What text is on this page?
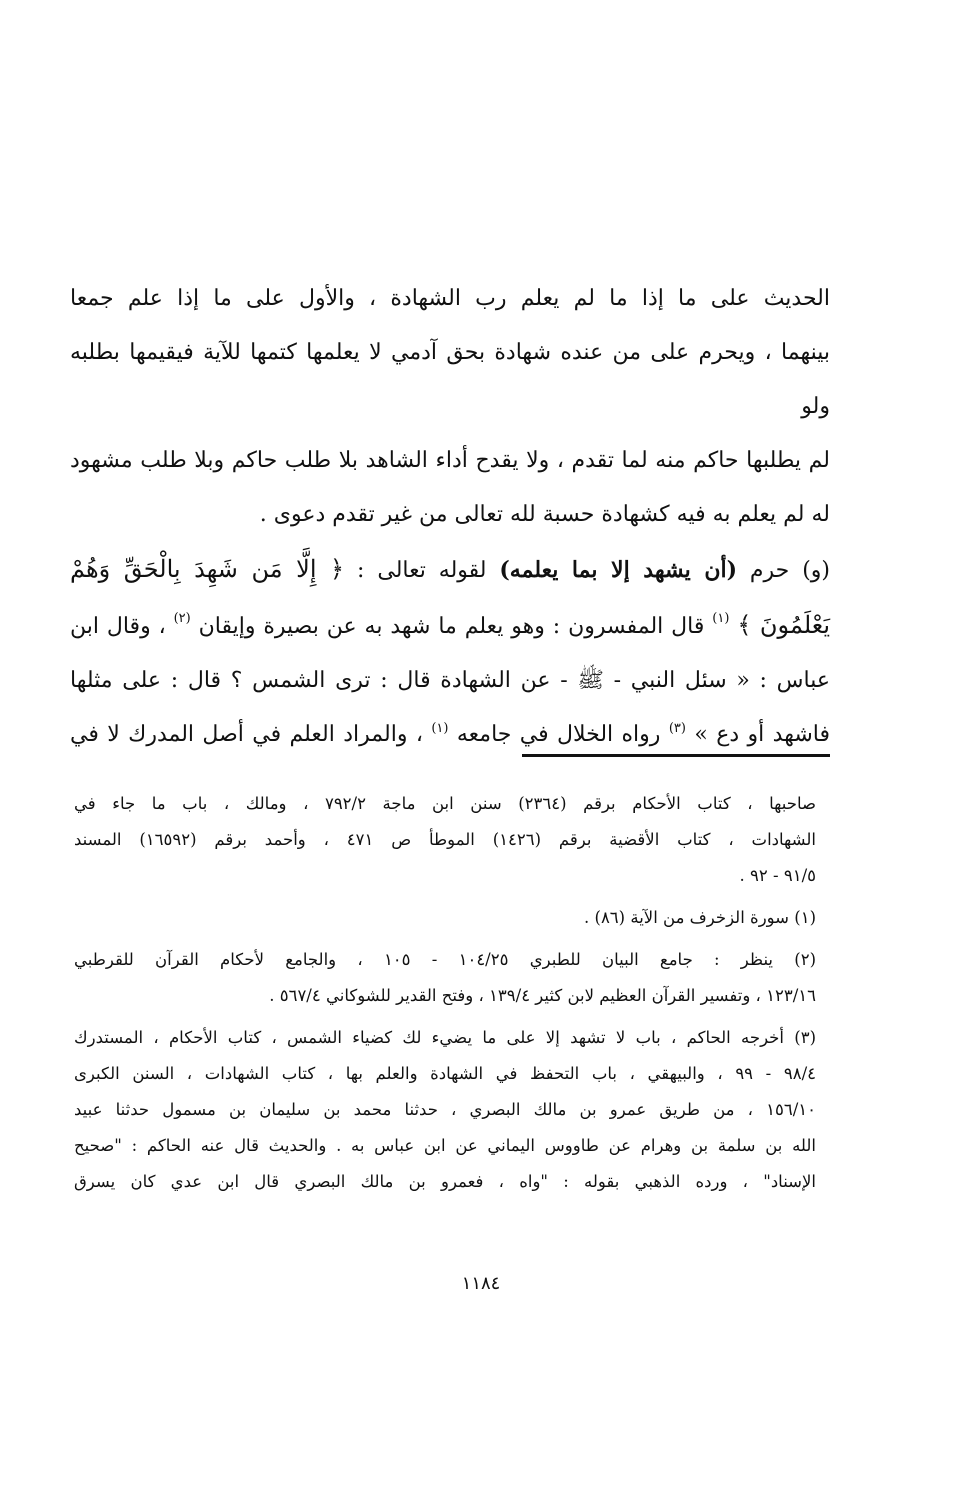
الحديث على ما إذا ما لم يعلم رب الشهادة ، والأول على ما إذا علم جمعا

بينهما ، ويحرم على من عنده شهادة بحق آدمي لا يعلمها كتمها للآية فيقيمها بطلبه ولو

لم يطلبها حاكم منه لما تقدم ، ولا يقدح أداء الشاهد بلا طلب حاكم وبلا طلب مشهود

له لم يعلم به فيه كشهادة حسبة لله تعالى من غير تقدم دعوى .

(و) حرم (أن يشهد إلا بما يعلمه) لقوله تعالى : ﴿ إِلَّا مَن شَهِدَ بِالْحَقِّ وَهُمْ

يَعْلَمُونَ ﴾ $^{(١)}$ قال المفسرون : وهو يعلم ما شهد به عن بصيرة وإيقان $^{(٢)}$ ، وقال ابن

عباس : « سئل النبي - ﷺ - عن الشهادة قال : ترى الشمس ؟ قال : على مثلها

فاشهد أو دع » $^{(٣)}$ رواه الخلال في جامعه $^{(١)}$ ، والمراد العلم في أصل المدرك لا في

صاحبها ، كتاب الأحكام برقم (٢٣٦٤) سنن ابن ماجة ٧٩٢/٢ ، ومالك ، باب ما جاء في

الشهادات ، كتاب الأقضية برقم (١٤٢٦) الموطأ ص ٤٧١ ، وأحمد برقم (١٦٥٩٢) المسند

٩١/٥ - ٩٢ .

(١) سورة الزخرف من الآية (٨٦) .

(٢) ينظر : جامع البيان للطبري ١٠٤/٢٥ - ١٠٥ ، والجامع لأحكام القرآن للقرطبي

١٢٣/١٦ ، وتفسير القرآن العظيم لابن كثير ١٣٩/٤ ، وفتح القدير للشوكاني ٥٦٧/٤ .

(٣) أخرجه الحاكم ، باب لا تشهد إلا على ما يضيء لك كضياء الشمس ، كتاب الأحكام ، المستدرك

٩٨/٤ - ٩٩ ، والبيهقي ، باب التحفظ في الشهادة والعلم بها ، كتاب الشهادات ، السنن الكبرى

١٥٦/١٠ ، من طريق عمرو بن مالك البصري ، حدثنا محمد بن سليمان بن مسمول حدثنا عبيد

الله بن سلمة بن وهرام عن طاووس اليماني عن ابن عباس به . والحديث قال عنه الحاكم : "صحيح

الإسناد" ، ورده الذهبي بقوله : "واه ، فعمرو بن مالك البصري قال ابن عدي كان يسرق

١١٨٤
